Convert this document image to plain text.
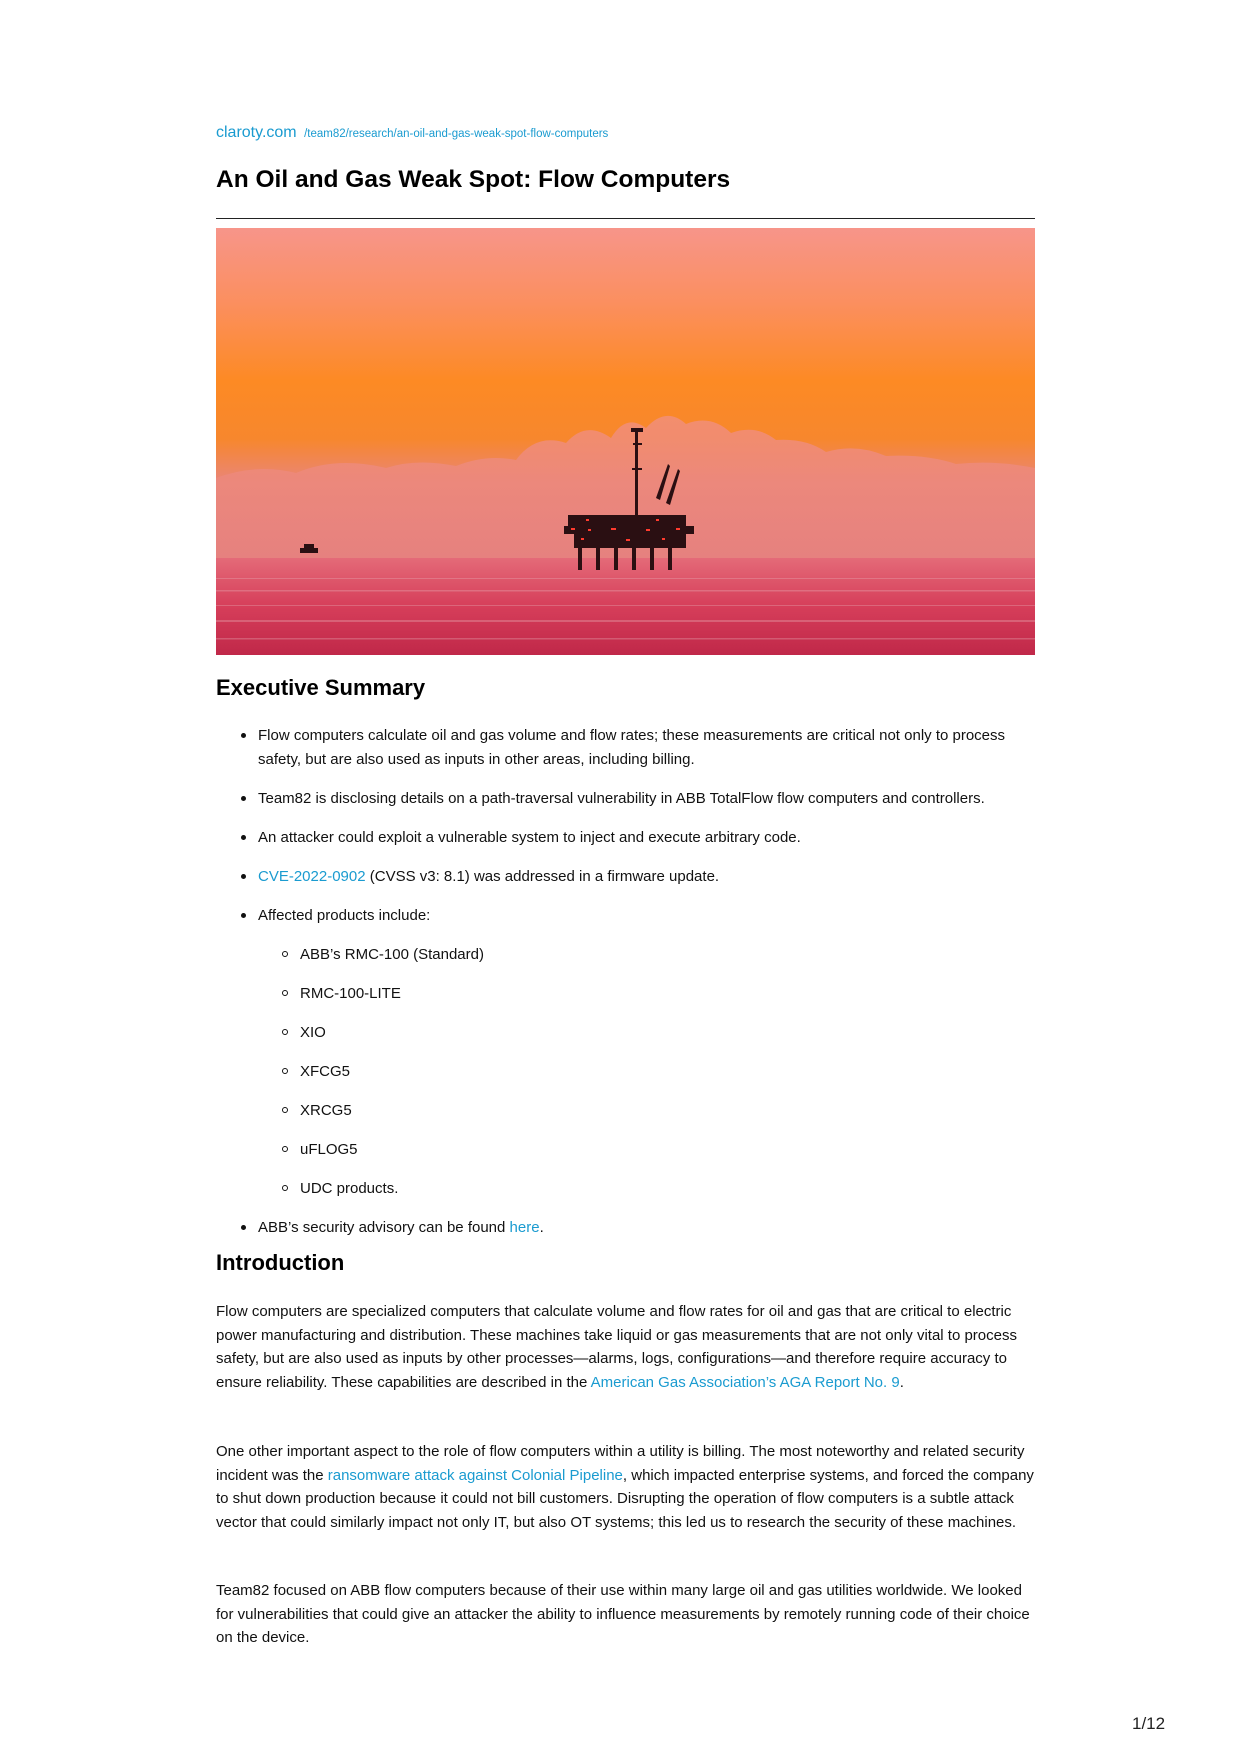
claroty.com /team82/research/an-oil-and-gas-weak-spot-flow-computers
An Oil and Gas Weak Spot: Flow Computers
Executive Summary
Flow computers calculate oil and gas volume and flow rates; these measurements are critical not only to process safety, but are also used as inputs in other areas, including billing.
Team82 is disclosing details on a path-traversal vulnerability in ABB TotalFlow flow computers and controllers.
An attacker could exploit a vulnerable system to inject and execute arbitrary code.
CVE-2022-0902 (CVSS v3: 8.1) was addressed in a firmware update.
Affected products include:
ABB’s RMC-100 (Standard)
RMC-100-LITE
XIO
XFCG5
XRCG5
uFLOG5
UDC products.
ABB’s security advisory can be found here.
Introduction

Flow computers are specialized computers that calculate volume and flow rates for oil and gas that are critical to electric power manufacturing and distribution. These machines take liquid or gas measurements that are not only vital to process safety, but are also used as inputs by other processes—alarms, logs, configurations—and therefore require accuracy to ensure reliability. These capabilities are described in the American Gas Association’s AGA Report No. 9.

One other important aspect to the role of flow computers within a utility is billing. The most noteworthy and related security incident was the ransomware attack against Colonial Pipeline, which impacted enterprise systems, and forced the company to shut down production because it could not bill customers. Disrupting the operation of flow computers is a subtle attack vector that could similarly impact not only IT, but also OT systems; this led us to research the security of these machines.

Team82 focused on ABB flow computers because of their use within many large oil and gas utilities worldwide. We looked for vulnerabilities that could give an attacker the ability to influence measurements by remotely running code of their choice on the device.

1/12
